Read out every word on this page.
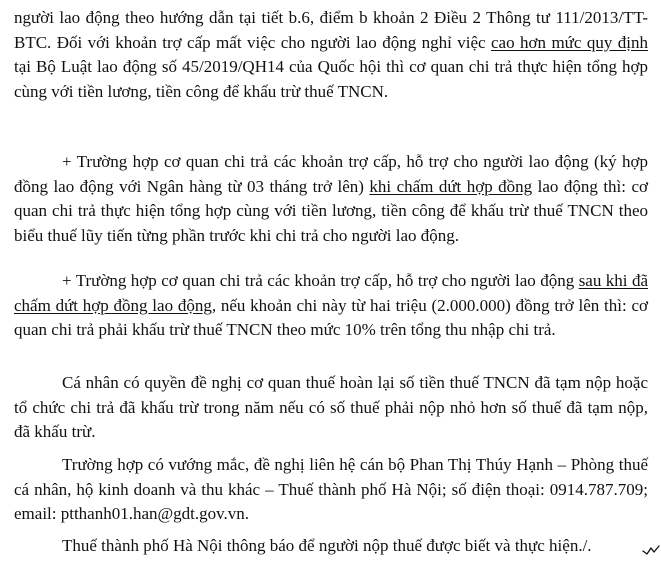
người lao động theo hướng dẫn tại tiết b.6, điểm b khoản 2 Điều 2 Thông tư 111/2013/TT-BTC. Đối với khoản trợ cấp mất việc cho người lao động nghỉ việc cao hơn mức quy định tại Bộ Luật lao động số 45/2019/QH14 của Quốc hội thì cơ quan chi trả thực hiện tổng hợp cùng với tiền lương, tiền công để khấu trừ thuế TNCN.

+ Trường hợp cơ quan chi trả các khoản trợ cấp, hỗ trợ cho người lao động (ký hợp đồng lao động với Ngân hàng từ 03 tháng trở lên) khi chấm dứt hợp đồng lao động thì: cơ quan chi trả thực hiện tổng hợp cùng với tiền lương, tiền công để khấu trừ thuế TNCN theo biểu thuế lũy tiến từng phần trước khi chi trả cho người lao động.

+ Trường hợp cơ quan chi trả các khoản trợ cấp, hỗ trợ cho người lao động sau khi đã chấm dứt hợp đồng lao động, nếu khoản chi này từ hai triệu (2.000.000) đồng trở lên thì: cơ quan chi trả phải khấu trừ thuế TNCN theo mức 10% trên tổng thu nhập chi trả.

Cá nhân có quyền đề nghị cơ quan thuế hoàn lại số tiền thuế TNCN đã tạm nộp hoặc tổ chức chi trả đã khấu trừ trong năm nếu có số thuế phải nộp nhỏ hơn số thuế đã tạm nộp, đã khấu trừ.

Trường hợp có vướng mắc, đề nghị liên hệ cán bộ Phan Thị Thúy Hạnh – Phòng thuế cá nhân, hộ kinh doanh và thu khác – Thuế thành phố Hà Nội; số điện thoại: 0914.787.709; email: ptthanh01.han@gdt.gov.vn.

Thuế thành phố Hà Nội thông báo để người nộp thuế được biết và thực hiện./.
